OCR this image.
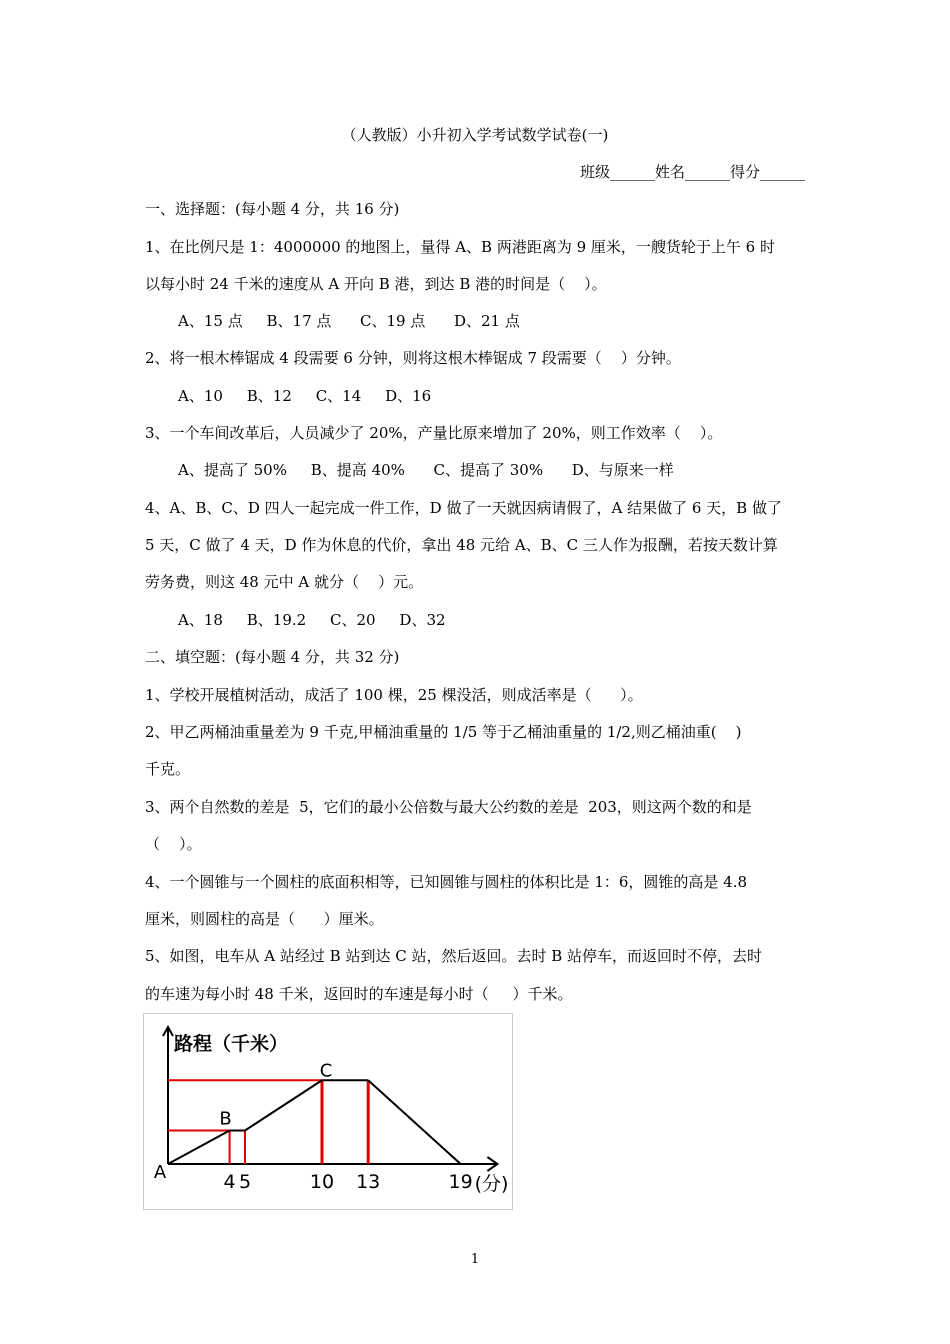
（人教版）小升初入学考试数学试卷(一)
班级______姓名______得分______
一、选择题：(每小题 4 分，共 16 分)
1、在比例尺是 1：4000000 的地图上，量得 A、B 两港距离为 9 厘米，一艘货轮于上午 6 时
以每小时 24 千米的速度从 A 开向 B 港，到达 B 港的时间是（    ）。
A、15 点     B、17 点      C、19 点      D、21 点
2、将一根木棒锯成 4 段需要 6 分钟，则将这根木棒锯成 7 段需要（    ）分钟。
A、10     B、12     C、14     D、16
3、一个车间改革后，人员减少了 20%，产量比原来增加了 20%，则工作效率（    ）。
A、提高了 50%     B、提高 40%      C、提高了 30%      D、与原来一样
4、A、B、C、D 四人一起完成一件工作，D 做了一天就因病请假了，A 结果做了 6 天，B 做了
5 天，C 做了 4 天，D 作为休息的代价，拿出 48 元给 A、B、C 三人作为报酬，若按天数计算
劳务费，则这 48 元中 A 就分（    ）元。
A、18     B、19.2     C、20     D、32
二、填空题：(每小题 4 分，共 32 分)
1、学校开展植树活动，成活了 100 棵，25 棵没活，则成活率是（      ）。
2、甲乙两桶油重量差为 9 千克,甲桶油重量的 1/5 等于乙桶油重量的 1/2,则乙桶油重(    )
千克。
3、两个自然数的差是  5，它们的最小公倍数与最大公约数的差是  203，则这两个数的和是
（    ）。
4、一个圆锥与一个圆柱的底面积相等，已知圆锥与圆柱的体积比是 1：6，圆锥的高是 4.8
厘米，则圆柱的高是（      ）厘米。
5、如图，电车从 A 站经过 B 站到达 C 站，然后返回。去时 B 站停车，而返回时不停，去时
的车速为每小时 48 千米，返回时的车速是每小时（     ）千米。
路程（千米）
4 5	10 13	19 (分)
A
B
C
1
